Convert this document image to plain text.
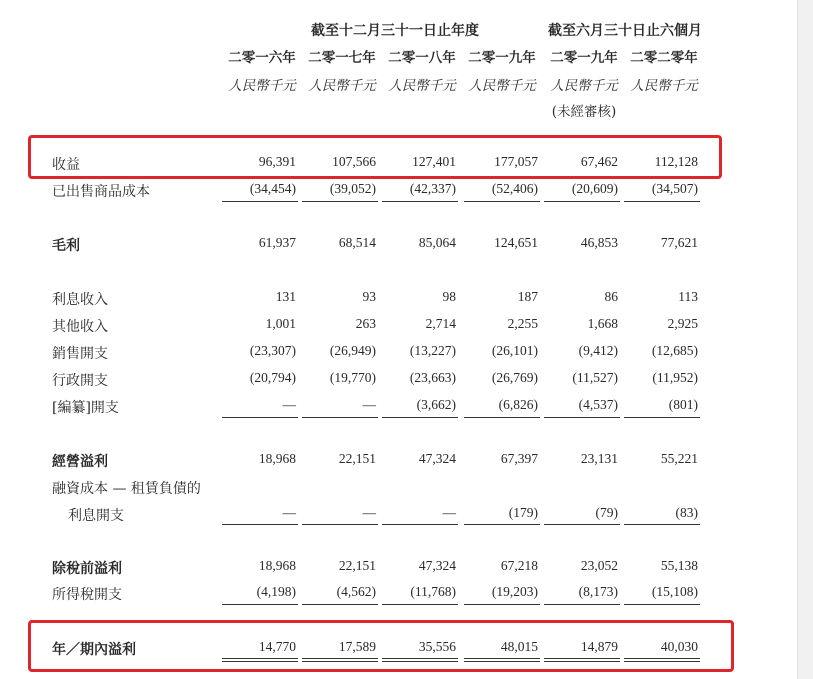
截至十二月三十一日止年度	截至六月三十日止六個月
二零一六年 二零一七年 二零一八年 二零一九年	二零一九年 二零二零年
人民幣千元 人民幣千元 人民幣千元 人民幣千元	人民幣千元 人民幣千元
(未經審核)
收益	96,391	107,566	127,401	177,057	67,462	112,128
已出售商品成本	(34,454)	(39,052)	(42,337)	(52,406)	(20,609)	(34,507)
毛利	61,937	68,514	85,064	124,651	46,853	77,621
利息收入	131	93	98	187	86	113
其他收入	1,001	263	2,714	2,255	1,668	2,925
銷售開支	(23,307)	(26,949)	(13,227)	(26,101)	(9,412)	(12,685)
行政開支	(20,794)	(19,770)	(23,663)	(26,769)	(11,527)	(11,952)
[編纂]開支	—	—	(3,662)	(6,826)	(4,537)	(801)
經營溢利	18,968	22,151	47,324	67,397	23,131	55,221
融資成本 — 租賃負債的
利息開支	—	—	—	(179)	(79)	(83)
除稅前溢利	18,968	22,151	47,324	67,218	23,052	55,138
所得稅開支	(4,198)	(4,562)	(11,768)	(19,203)	(8,173)	(15,108)
年／期內溢利	14,770	17,589	35,556	48,015	14,879	40,030
